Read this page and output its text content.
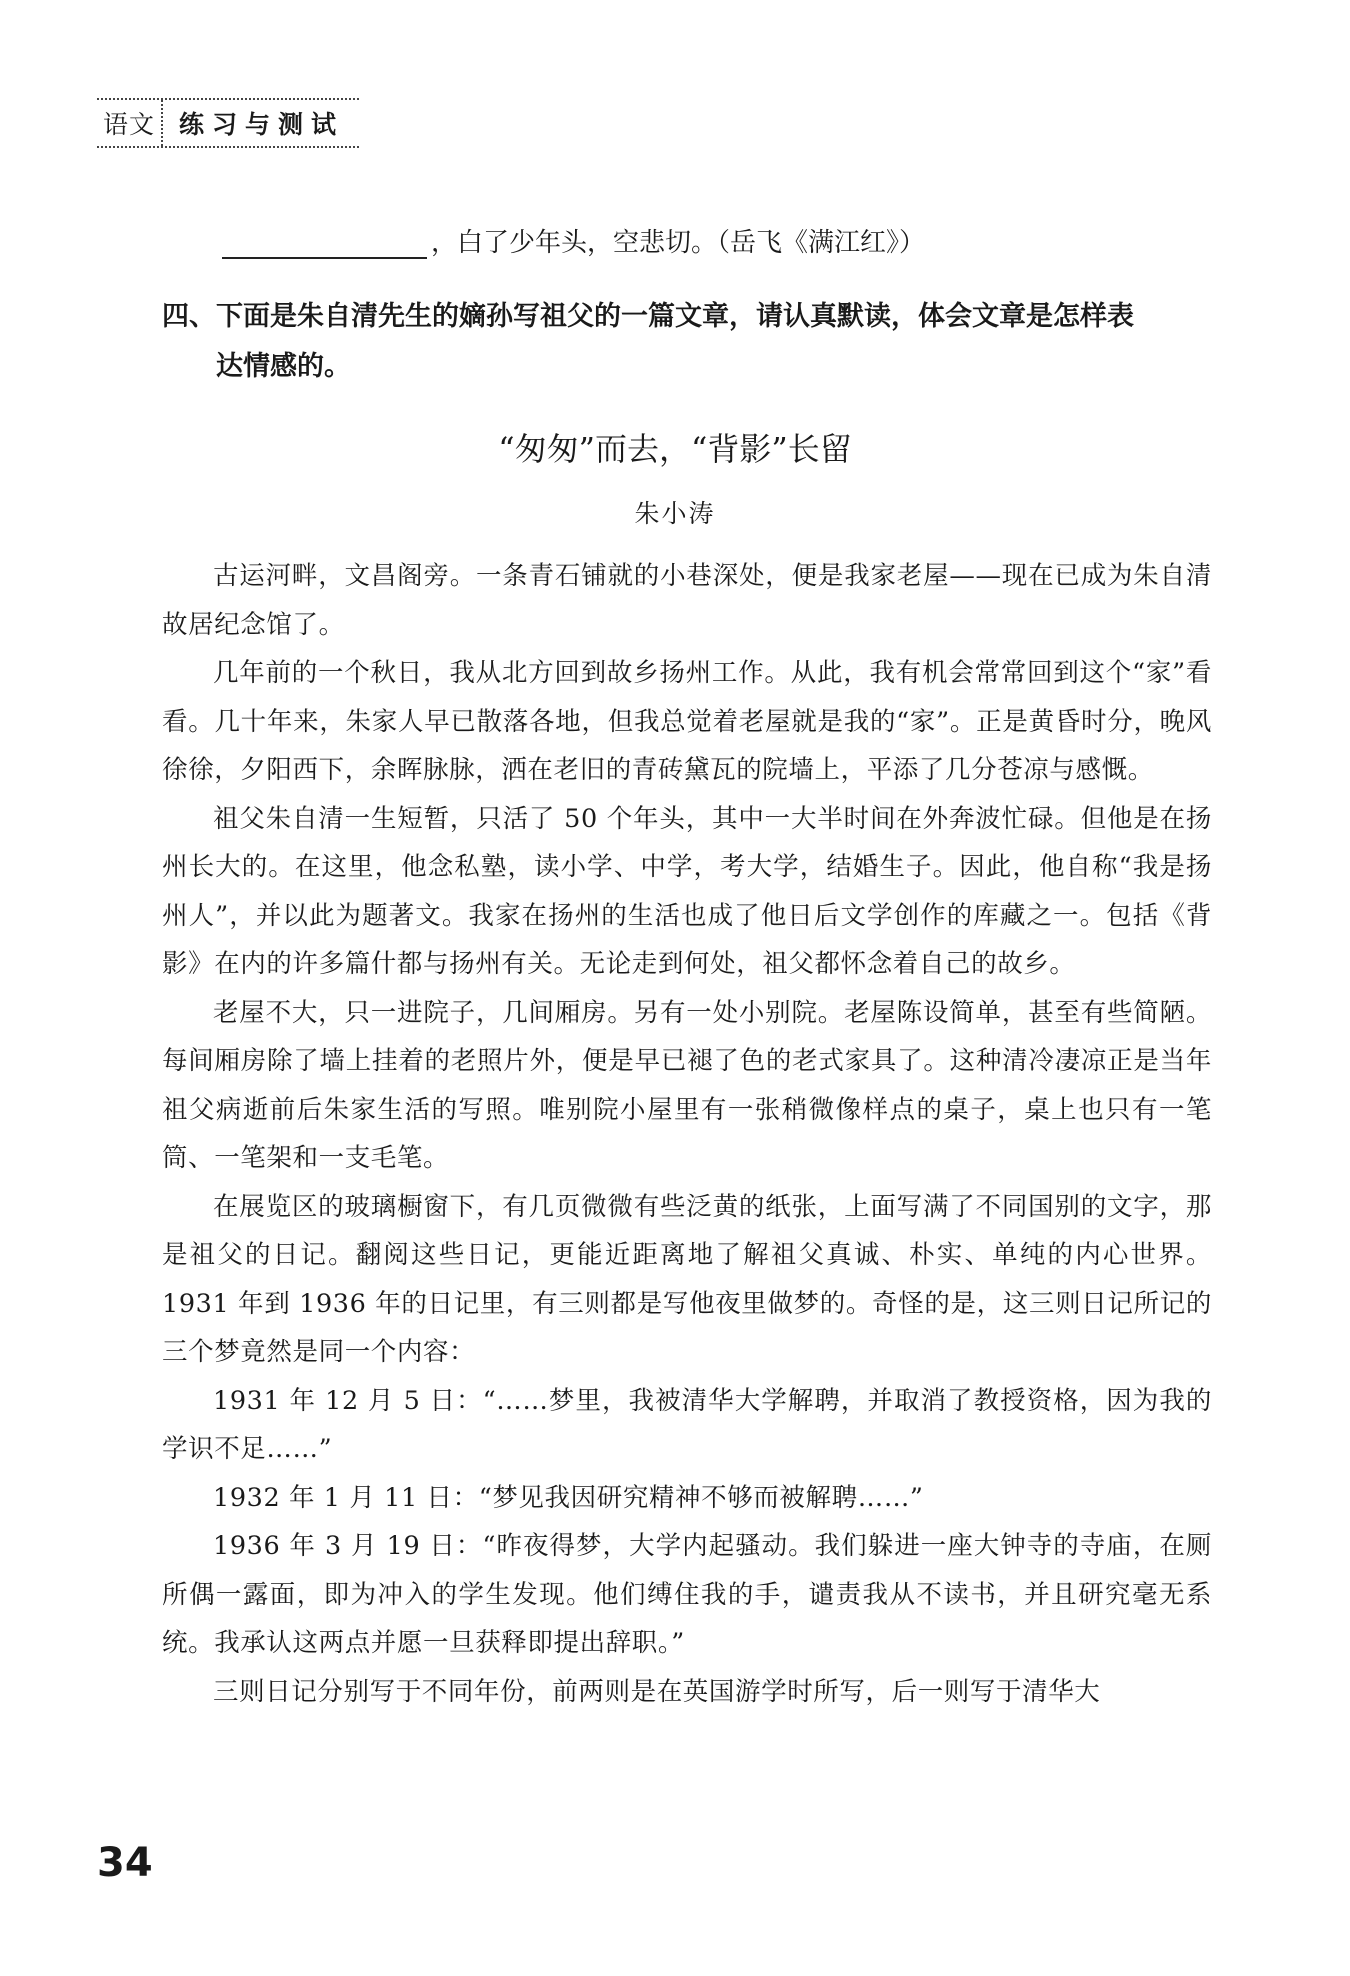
语文 练习与测试
，白了少年头，空悲切。（岳飞《满江红》）
四、下面是朱自清先生的嫡孙写祖父的一篇文章，请认真默读，体会文章是怎样表
达情感的。
“匆匆”而去，“背影”长留
朱小涛

古运河畔，文昌阁旁。一条青石铺就的小巷深处，便是我家老屋——现在已成为朱自清故居纪念馆了。

几年前的一个秋日，我从北方回到故乡扬州工作。从此，我有机会常常回到这个“家”看看。几十年来，朱家人早已散落各地，但我总觉着老屋就是我的“家”。正是黄昏时分，晚风徐徐，夕阳西下，余晖脉脉，洒在老旧的青砖黛瓦的院墙上，平添了几分苍凉与感慨。

祖父朱自清一生短暂，只活了 50 个年头，其中一大半时间在外奔波忙碌。但他是在扬州长大的。在这里，他念私塾，读小学、中学，考大学，结婚生子。因此，他自称“我是扬州人”，并以此为题著文。我家在扬州的生活也成了他日后文学创作的库藏之一。包括《背影》在内的许多篇什都与扬州有关。无论走到何处，祖父都怀念着自己的故乡。

老屋不大，只一进院子，几间厢房。另有一处小别院。老屋陈设简单，甚至有些简陋。每间厢房除了墙上挂着的老照片外，便是早已褪了色的老式家具了。这种清冷凄凉正是当年祖父病逝前后朱家生活的写照。唯别院小屋里有一张稍微像样点的桌子，桌上也只有一笔筒、一笔架和一支毛笔。

在展览区的玻璃橱窗下，有几页微微有些泛黄的纸张，上面写满了不同国别的文字，那是祖父的日记。翻阅这些日记，更能近距离地了解祖父真诚、朴实、单纯的内心世界。1931 年到 1936 年的日记里，有三则都是写他夜里做梦的。奇怪的是，这三则日记所记的三个梦竟然是同一个内容：

1931 年 12 月 5 日：“……梦里，我被清华大学解聘，并取消了教授资格，因为我的学识不足……”

1932 年 1 月 11 日：“梦见我因研究精神不够而被解聘……”

1936 年 3 月 19 日：“昨夜得梦，大学内起骚动。我们躲进一座大钟寺的寺庙，在厕所偶一露面，即为冲入的学生发现。他们缚住我的手，谴责我从不读书，并且研究毫无系统。我承认这两点并愿一旦获释即提出辞职。”

三则日记分别写于不同年份，前两则是在英国游学时所写，后一则写于清华大

34
